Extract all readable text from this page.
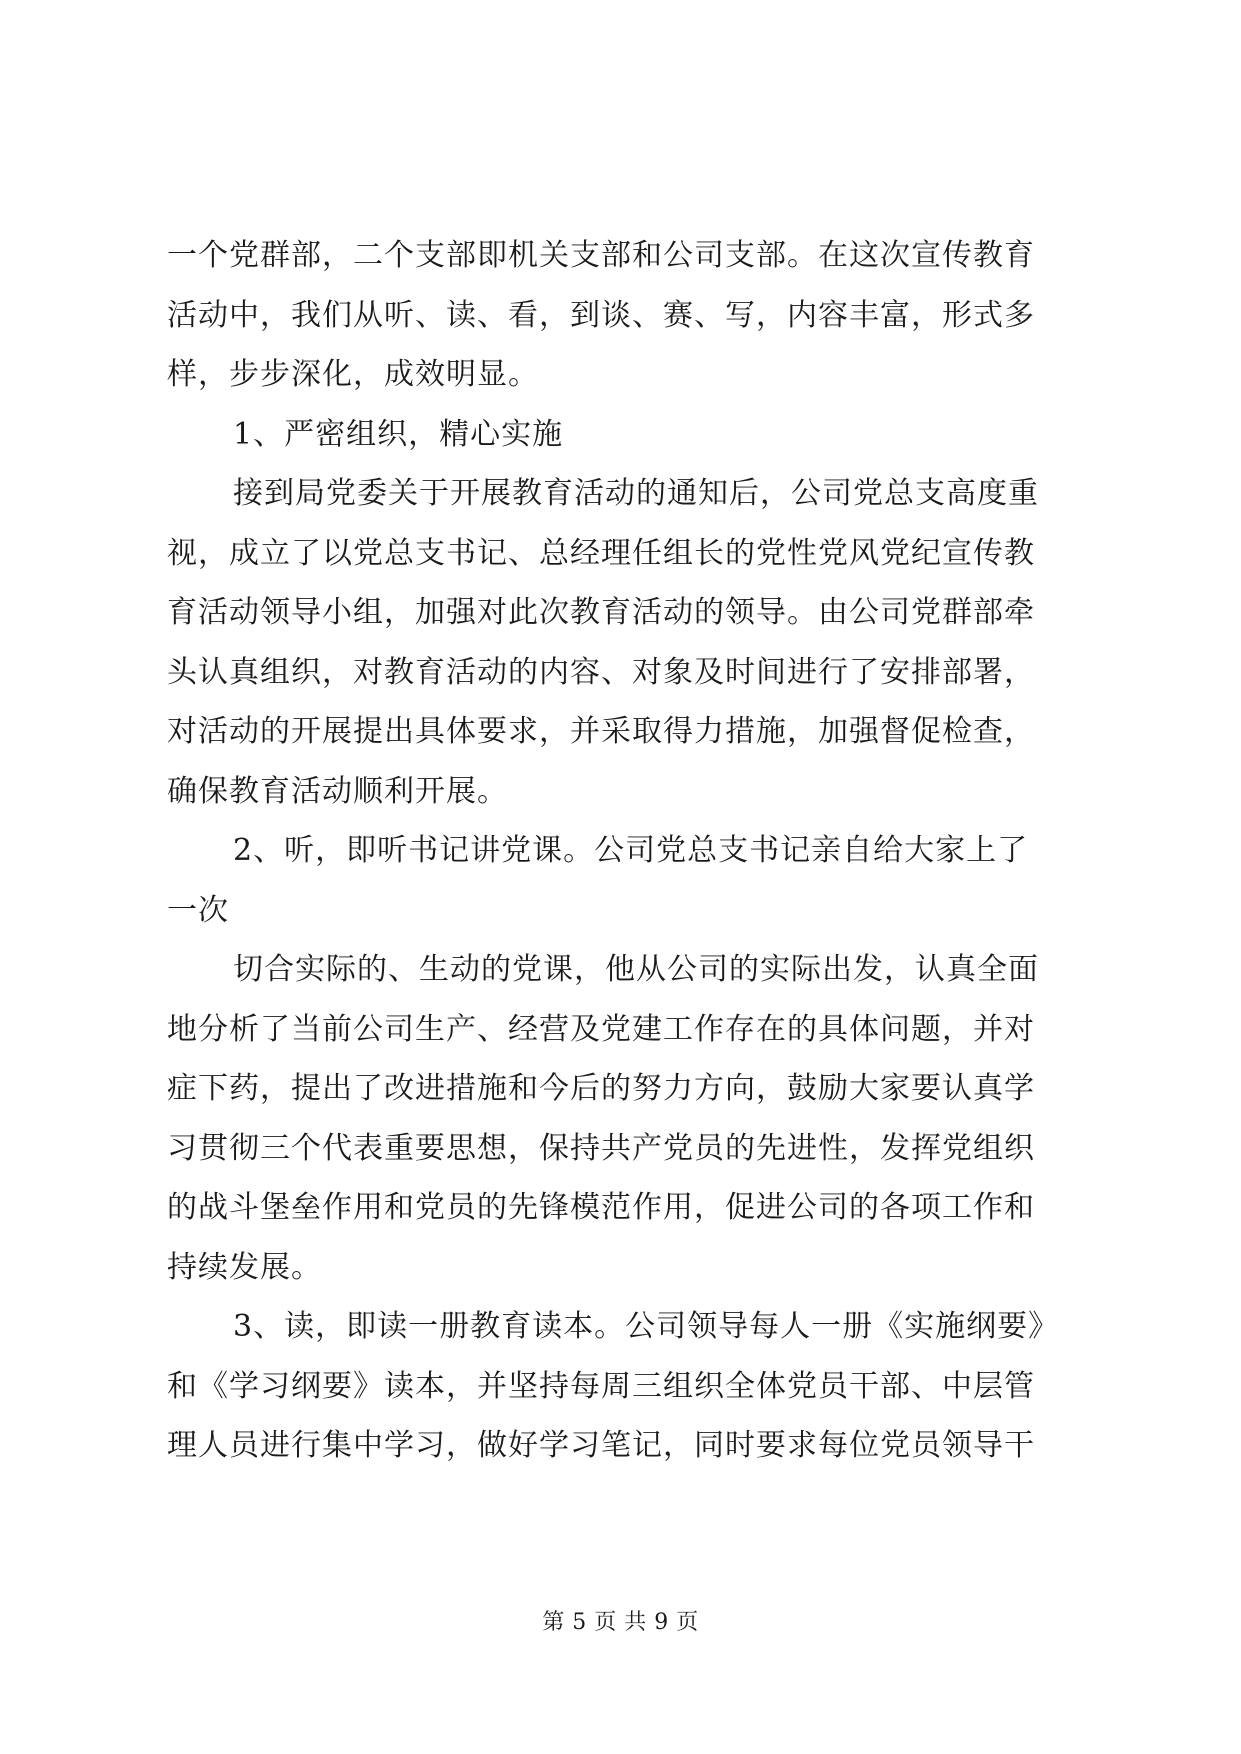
一个党群部，二个支部即机关支部和公司支部。在这次宣传教育
活动中，我们从听、读、看，到谈、赛、写，内容丰富，形式多
样，步步深化，成效明显。
1、严密组织，精心实施
接到局党委关于开展教育活动的通知后，公司党总支高度重
视，成立了以党总支书记、总经理任组长的党性党风党纪宣传教
育活动领导小组，加强对此次教育活动的领导。由公司党群部牵
头认真组织，对教育活动的内容、对象及时间进行了安排部署，
对活动的开展提出具体要求，并采取得力措施，加强督促检查，
确保教育活动顺利开展。
2、听，即听书记讲党课。公司党总支书记亲自给大家上了
一次
切合实际的、生动的党课，他从公司的实际出发，认真全面
地分析了当前公司生产、经营及党建工作存在的具体问题，并对
症下药，提出了改进措施和今后的努力方向，鼓励大家要认真学
习贯彻三个代表重要思想，保持共产党员的先进性，发挥党组织
的战斗堡垒作用和党员的先锋模范作用，促进公司的各项工作和
持续发展。
3、读，即读一册教育读本。公司领导每人一册《实施纲要》
和《学习纲要》读本，并坚持每周三组织全体党员干部、中层管
理人员进行集中学习，做好学习笔记，同时要求每位党员领导干
第 5 页 共 9 页
